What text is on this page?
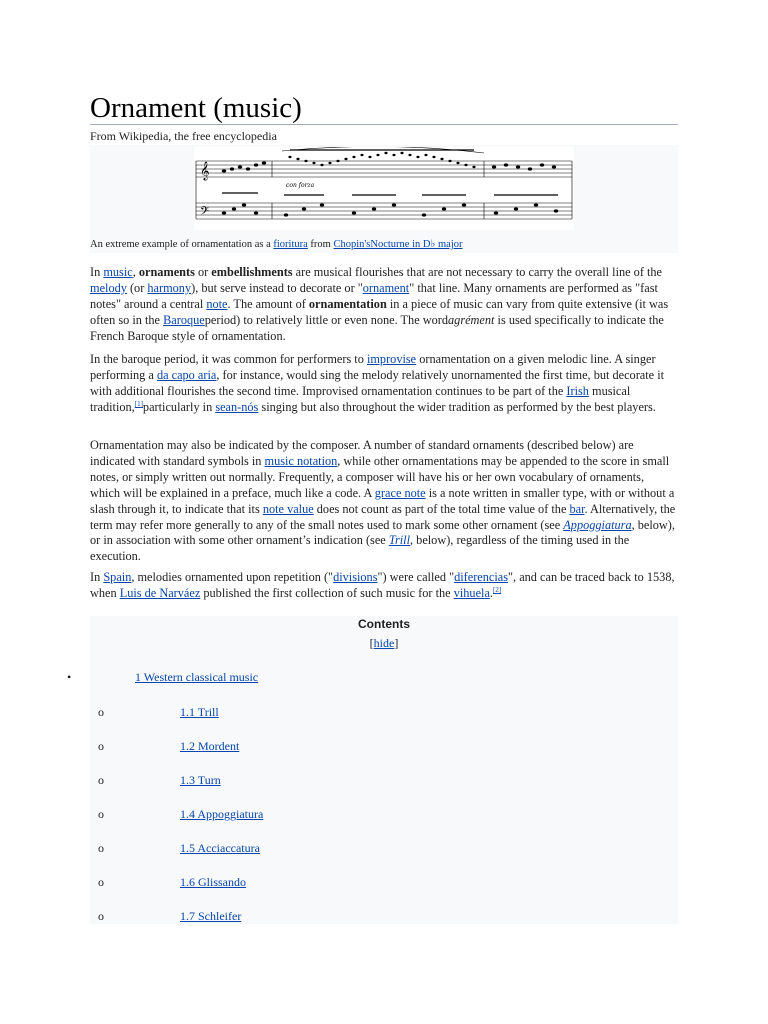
Ornament (music)
From Wikipedia, the free encyclopedia
𝄞
𝄢
con forza
An extreme example of ornamentation as a fioritura from Chopin'sNocturne in D♭ major

In music, ornaments or embellishments are musical flourishes that are not necessary to carry the overall line of the melody (or harmony), but serve instead to decorate or "ornament" that line. Many ornaments are performed as "fast notes" around a central note. The amount of ornamentation in a piece of music can vary from quite extensive (it was often so in the Baroqueperiod) to relatively little or even none. The wordagrément is used specifically to indicate the French Baroque style of ornamentation.

In the baroque period, it was common for performers to improvise ornamentation on a given melodic line. A singer performing a da capo aria, for instance, would sing the melody relatively unornamented the first time, but decorate it with additional flourishes the second time. Improvised ornamentation continues to be part of the Irish musical tradition,[1]particularly in sean-nós singing but also throughout the wider tradition as performed by the best players.

Ornamentation may also be indicated by the composer. A number of standard ornaments (described below) are indicated with standard symbols in music notation, while other ornamentations may be appended to the score in small notes, or simply written out normally. Frequently, a composer will have his or her own vocabulary of ornaments, which will be explained in a preface, much like a code. A grace note is a note written in smaller type, with or without a slash through it, to indicate that its note value does not count as part of the total time value of the bar. Alternatively, the term may refer more generally to any of the small notes used to mark some other ornament (see Appoggiatura, below), or in association with some other ornament’s indication (see Trill, below), regardless of the timing used in the execution.

In Spain, melodies ornamented upon repetition ("divisions") were called "diferencias", and can be traced back to 1538, when Luis de Narváez published the first collection of such music for the vihuela.[2]

Contents
[hide]
•	1 Western classical music
o	1.1 Trill
o	1.2 Mordent
o	1.3 Turn
o	1.4 Appoggiatura
o	1.5 Acciaccatura
o	1.6 Glissando
o	1.7 Schleifer
